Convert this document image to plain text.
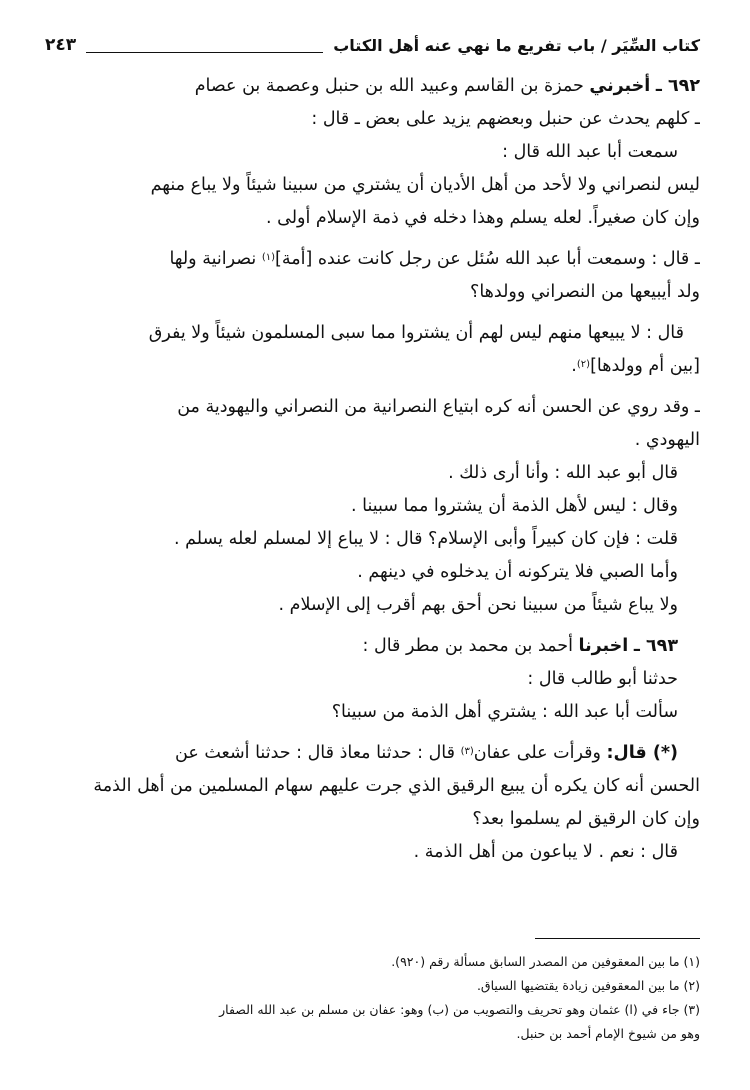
كتاب السِّيَر / باب تفريع ما نهي عنه أهل الكتاب
٢٤٣
٦٩٢ ـ أخبرني حمزة بن القاسم وعبيد الله بن حنبل وعصمة بن عصام
ـ كلهم يحدث عن حنبل وبعضهم يزيد على بعض ـ قال :
سمعت أبا عبد الله قال :
ليس لنصراني ولا لأحد من أهل الأديان أن يشتري من سبينا شيئاً ولا يباع منهم
وإن كان صغيراً. لعله يسلم وهذا دخله في ذمة الإسلام أولى .
ـ قال : وسمعت أبا عبد الله سُئل عن رجل كانت عنده [أمة]$^{(١)}$ نصرانية ولها
ولد أيبيعها من النصراني وولدها؟
قال : لا يبيعها منهم ليس لهم أن يشتروا مما سبى المسلمون شيئاً ولا يفرق
[بين أم وولدها]$^{(٢)}$.
ـ وقد روي عن الحسن أنه كره ابتياع النصرانية من النصراني واليهودية من
اليهودي .
قال أبو عبد الله : وأنا أرى ذلك .
وقال : ليس لأهل الذمة أن يشتروا مما سبينا .
قلت : فإن كان كبيراً وأبى الإسلام؟ قال : لا يباع إلا لمسلم لعله يسلم .
وأما الصبي فلا يتركونه أن يدخلوه في دينهم .
ولا يباع شيئاً من سبينا نحن أحق بهم أقرب إلى الإسلام .
٦٩٣ ـ اخبرنا أحمد بن محمد بن مطر قال :
حدثنا أبو طالب قال :
سألت أبا عبد الله : يشتري أهل الذمة من سبينا؟
(*) قال: وقرأت على عفان$^{(٣)}$ قال : حدثنا معاذ قال : حدثنا أشعث عن
الحسن أنه كان يكره أن يبيع الرقيق الذي جرت عليهم سهام المسلمين من أهل الذمة
وإن كان الرقيق لم يسلموا بعد؟
قال : نعم . لا يباعون من أهل الذمة .
(١) ما بين المعقوفين من المصدر السابق مسألة رقم (٩٢٠).
(٢) ما بين المعقوفين زيادة يقتضيها السياق.
(٣) جاء في (ا) عثمان وهو تحريف والتصويب من (ب) وهو: عفان بن مسلم بن عبد الله الصفار
وهو من شيوخ الإمام أحمد بن حنبل.
